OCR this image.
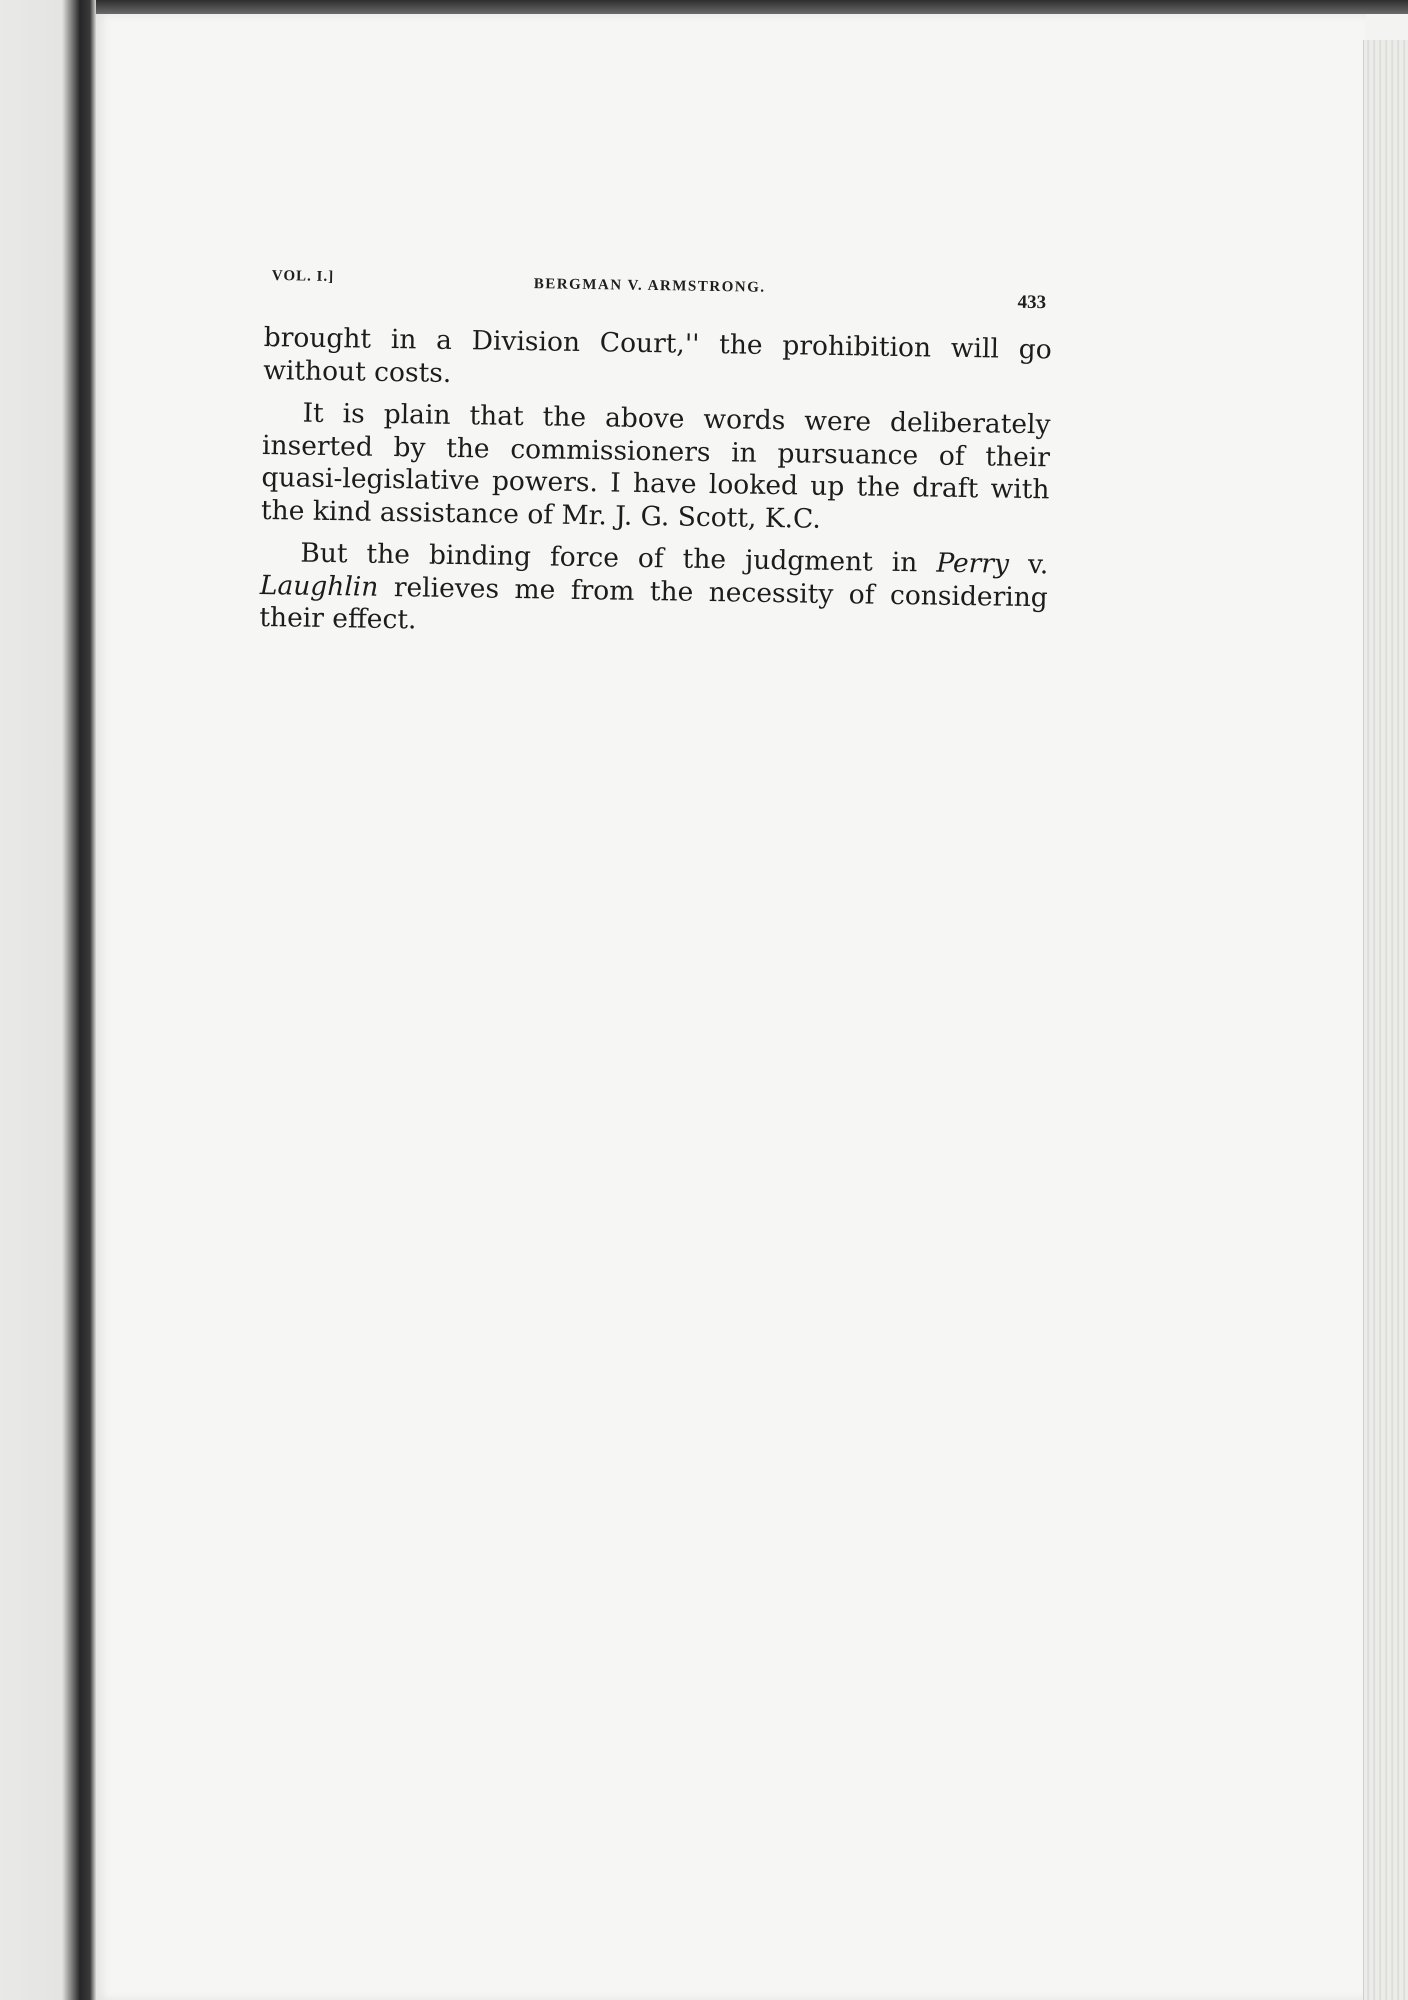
VOL. I.]	BERGMAN V. ARMSTRONG.
433

brought in a Division Court,'' the prohibition will go without costs.

It is plain that the above words were deliberately inserted by the commissioners in pursuance of their quasi-legislative powers. I have looked up the draft with the kind assistance of Mr. J. G. Scott, K.C.

But the binding force of the judgment in Perry v. Laughlin relieves me from the necessity of considering their effect.
